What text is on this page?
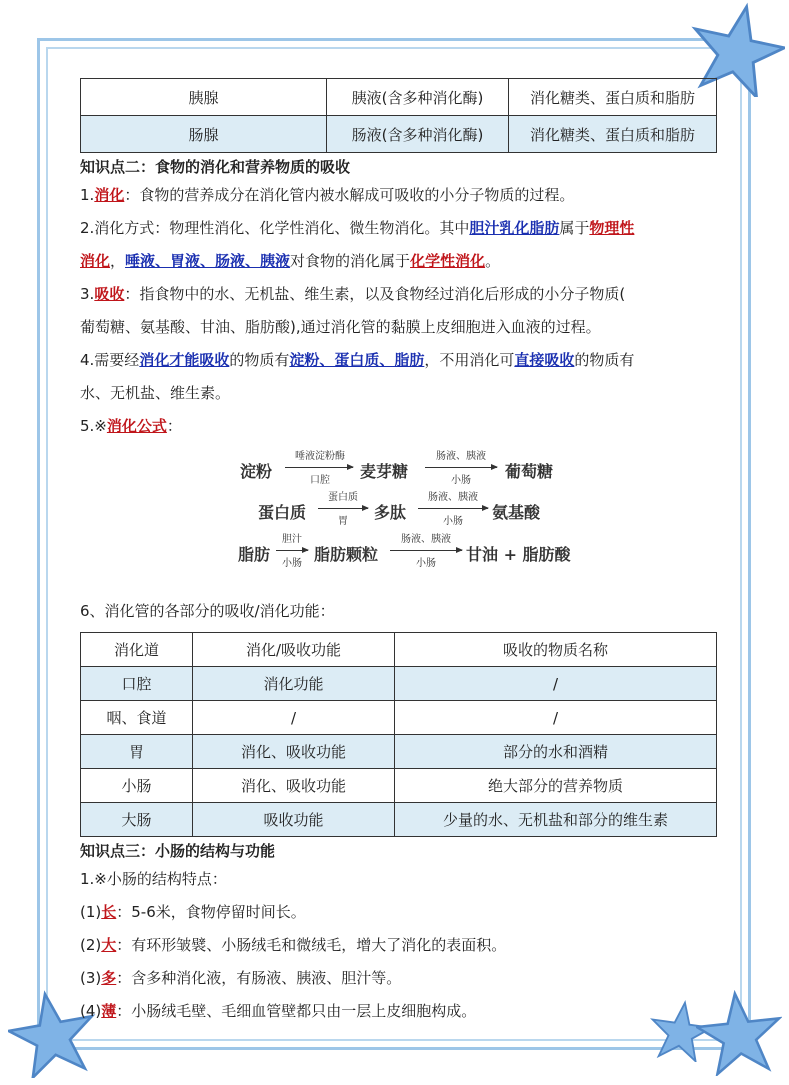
胰腺	胰液(含多种消化酶)	消化糖类、蛋白质和脂肪
肠腺	肠液(含多种消化酶)	消化糖类、蛋白质和脂肪
知识点二：食物的消化和营养物质的吸收

1.消化：食物的营养成分在消化管内被水解成可吸收的小分子物质的过程。

2.消化方式：物理性消化、化学性消化、微生物消化。其中胆汁乳化脂肪属于物理性
消化，唾液、胃液、肠液、胰液对食物的消化属于化学性消化。

3.吸收：指食物中的水、无机盐、维生素，以及食物经过消化后形成的小分子物质(
葡萄糖、氨基酸、甘油、脂肪酸),通过消化管的黏膜上皮细胞进入血液的过程。

4.需要经消化才能吸收的物质有淀粉、蛋白质、脂肪，不用消化可直接吸收的物质有
水、无机盐、维生素。

5.※消化公式：

淀粉
唾液淀粉酶
口腔	麦芽糖
肠液、胰液
小肠	葡萄糖
蛋白质
蛋白质
胃	多肽
肠液、胰液
小肠	氨基酸
脂肪
胆汁
小肠 脂肪颗粒
肠液、胰液
小肠	甘油 + 脂肪酸

6、消化管的各部分的吸收/消化功能：

消化道	消化/吸收功能	吸收的物质名称
口腔	消化功能	/
咽、食道	/	/
胃	消化、吸收功能	部分的水和酒精
小肠	消化、吸收功能	绝大部分的营养物质
大肠	吸收功能	少量的水、无机盐和部分的维生素
知识点三：小肠的结构与功能

1.※小肠的结构特点：

(1)长：5-6米，食物停留时间长。

(2)大：有环形皱襞、小肠绒毛和微绒毛，增大了消化的表面积。

(3)多：含多种消化液，有肠液、胰液、胆汁等。

(4)薄：小肠绒毛壁、毛细血管壁都只由一层上皮细胞构成。
